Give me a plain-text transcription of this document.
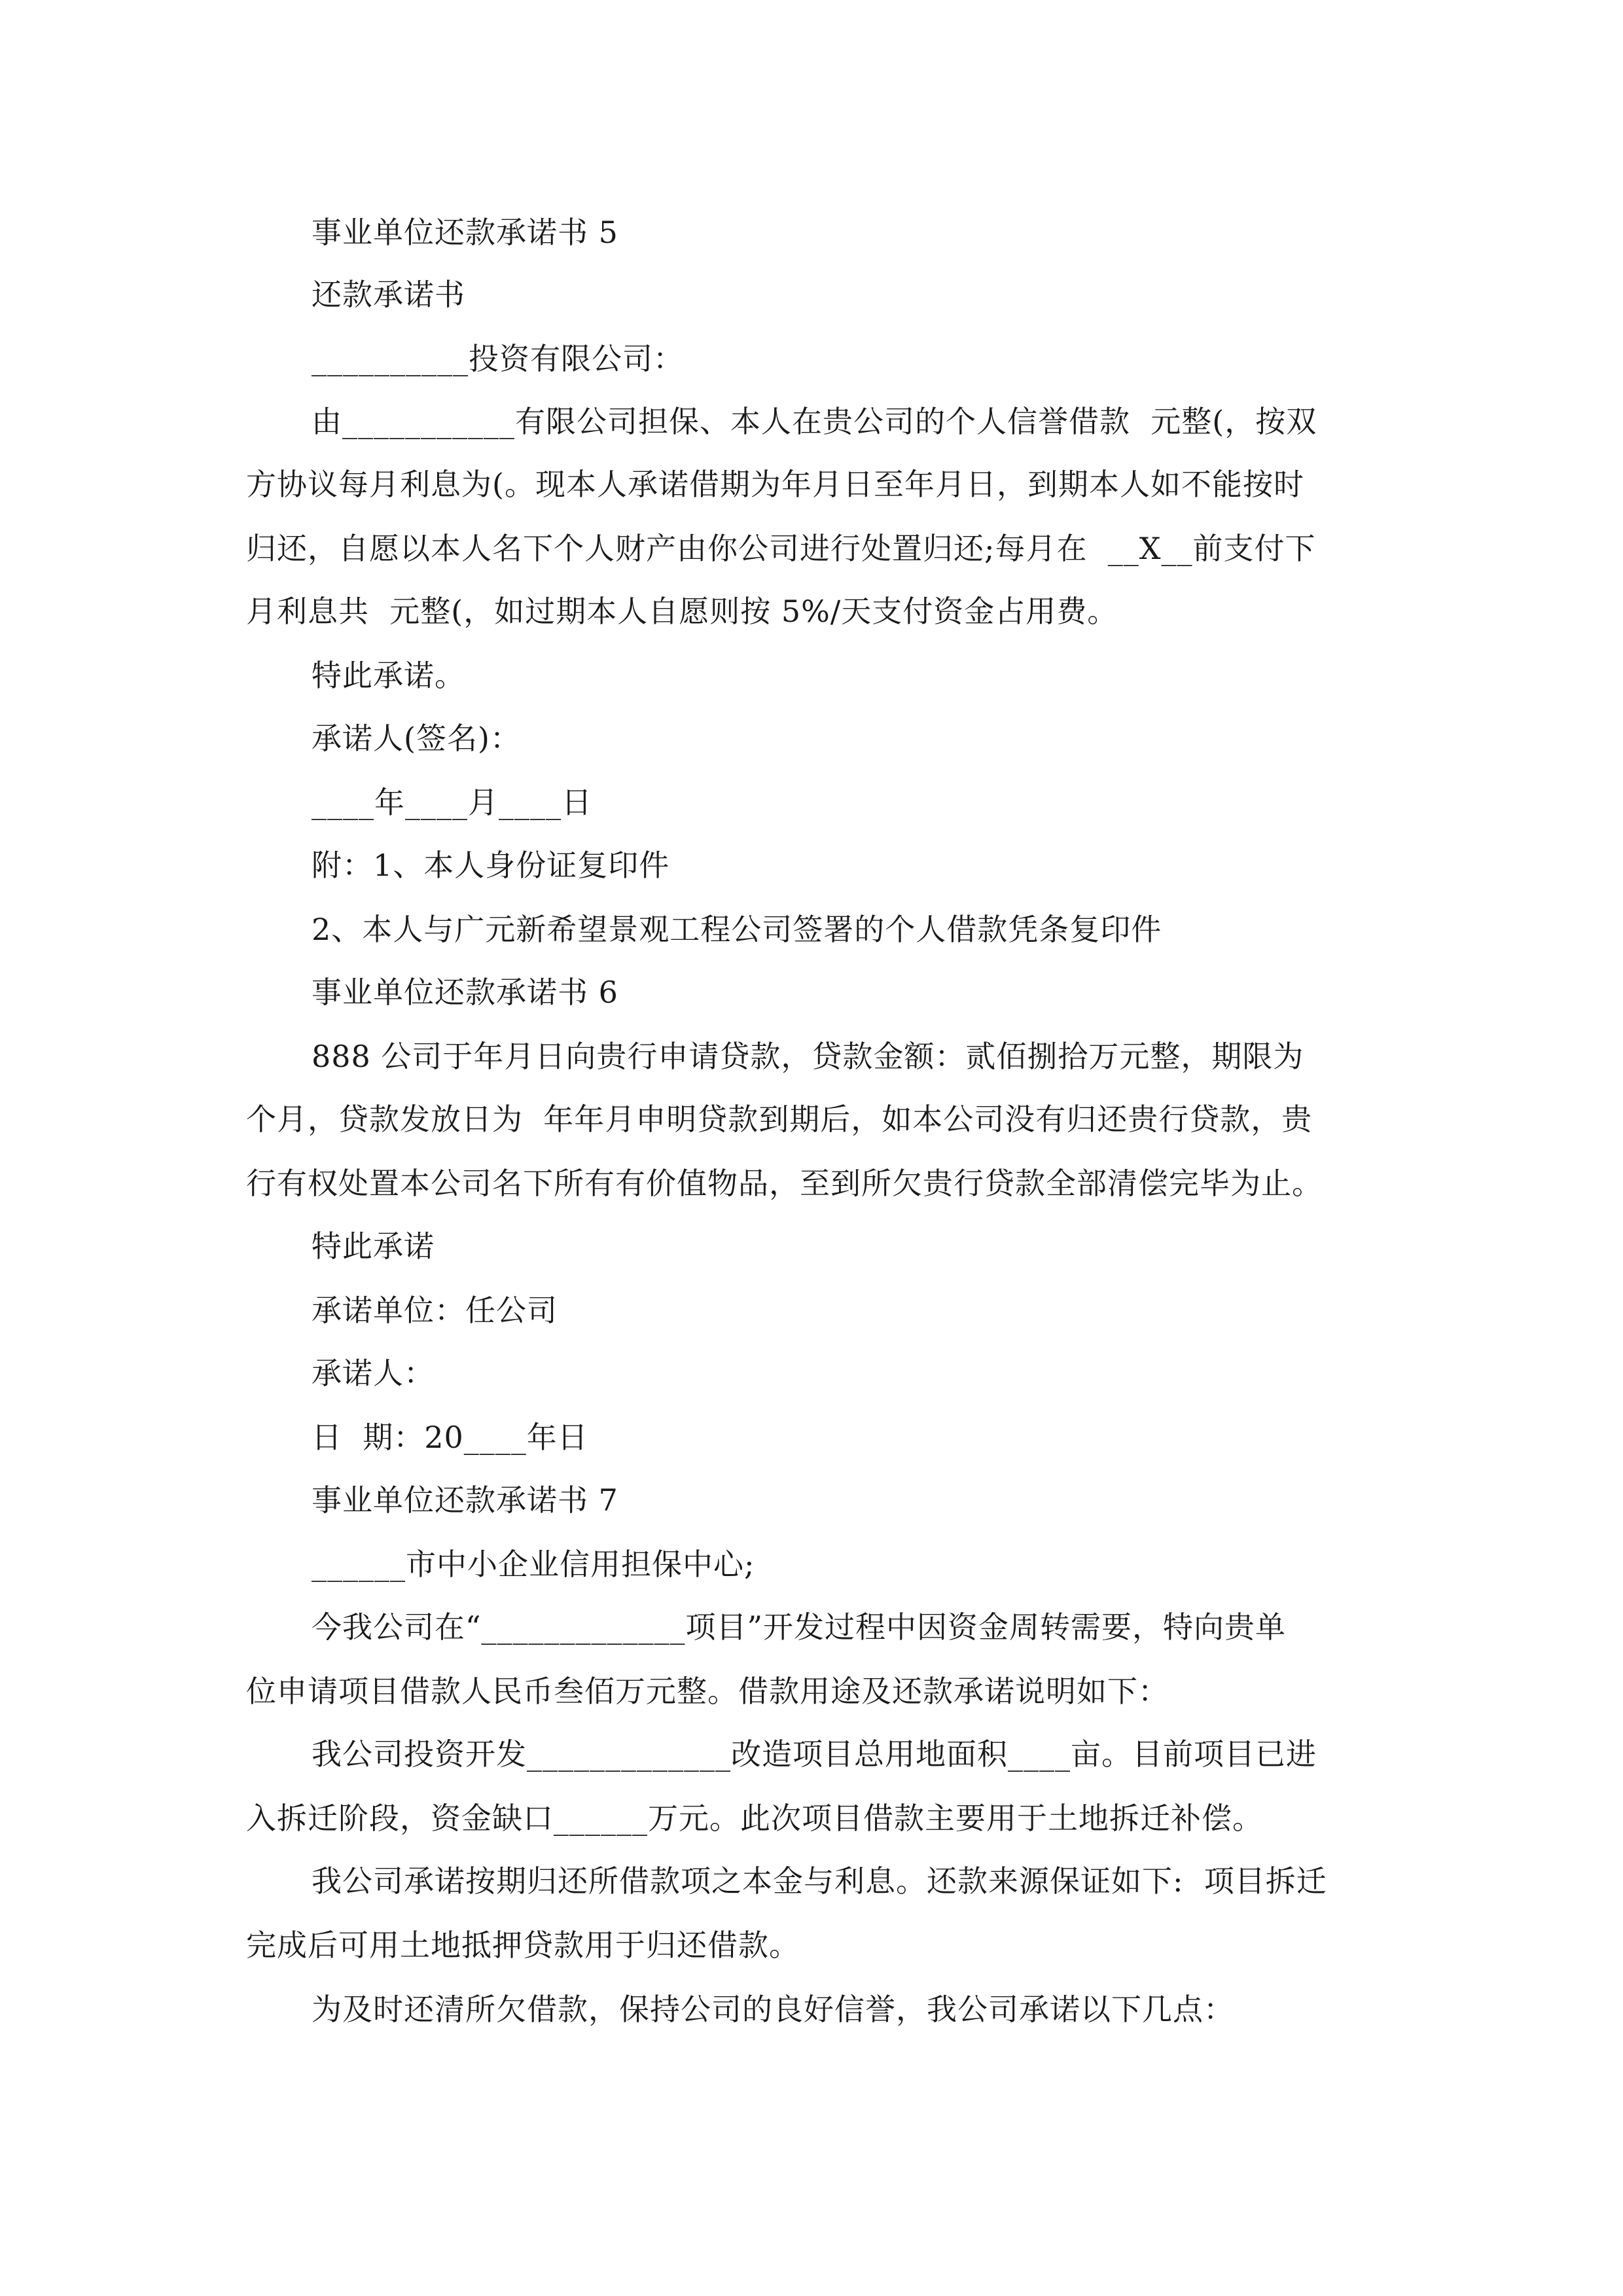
事业单位还款承诺书 5
还款承诺书
__________投资有限公司：
由___________有限公司担保、本人在贵公司的个人信誉借款  元整(，按双
方协议每月利息为(。现本人承诺借期为年月日至年月日，到期本人如不能按时
归还，自愿以本人名下个人财产由你公司进行处置归还;每月在  __X__前支付下
月利息共  元整(，如过期本人自愿则按 5%/天支付资金占用费。
特此承诺。
承诺人(签名)：
____年____月____日
附：1、本人身份证复印件
2、本人与广元新希望景观工程公司签署的个人借款凭条复印件
事业单位还款承诺书 6
888 公司于年月日向贵行申请贷款，贷款金额：贰佰捌拾万元整，期限为
个月，贷款发放日为  年年月申明贷款到期后，如本公司没有归还贵行贷款，贵
行有权处置本公司名下所有有价值物品，至到所欠贵行贷款全部清偿完毕为止。
特此承诺
承诺单位：任公司
承诺人：
日  期：20____年日
事业单位还款承诺书 7
______市中小企业信用担保中心;
今我公司在“_____________项目”开发过程中因资金周转需要，特向贵单
位申请项目借款人民币叁佰万元整。借款用途及还款承诺说明如下：
我公司投资开发_____________改造项目总用地面积____亩。目前项目已进
入拆迁阶段，资金缺口______万元。此次项目借款主要用于土地拆迁补偿。
我公司承诺按期归还所借款项之本金与利息。还款来源保证如下:  项目拆迁
完成后可用土地抵押贷款用于归还借款。
为及时还清所欠借款，保持公司的良好信誉，我公司承诺以下几点：
